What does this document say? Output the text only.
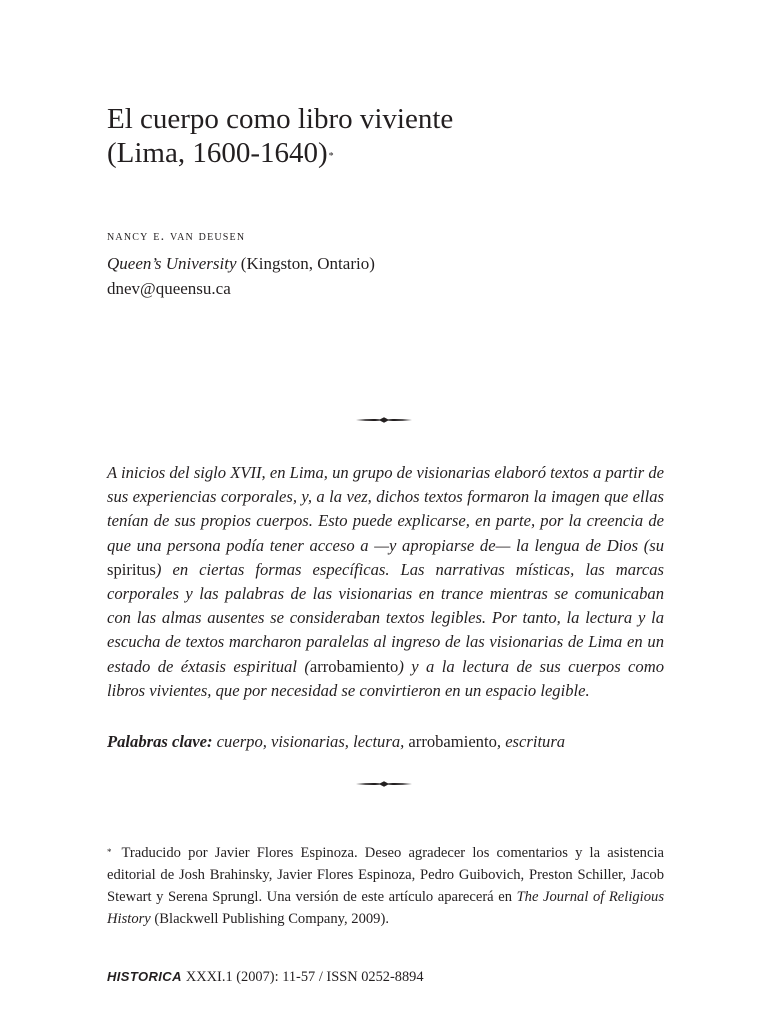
El cuerpo como libro viviente
(Lima, 1600-1640)*
nancy e. van deusen
Queen’s University (Kingston, Ontario)
dnev@queensu.ca

A inicios del siglo XVII, en Lima, un grupo de visionarias elaboró textos a partir de sus experiencias corporales, y, a la vez, dichos textos formaron la imagen que ellas tenían de sus propios cuerpos. Esto puede explicarse, en parte, por la creencia de que una persona podía tener acceso a —y apropiarse de— la lengua de Dios (su spiritus) en ciertas formas específicas. Las narrativas místicas, las marcas corporales y las palabras de las visionarias en trance mientras se comunicaban con las almas ausentes se consideraban textos legibles. Por tanto, la lectura y la escucha de textos marcharon paralelas al ingreso de las visionarias de Lima en un estado de éxtasis espiritual (arrobamiento) y a la lectura de sus cuerpos como libros vivientes, que por necesidad se convirtieron en un espacio legible.

Palabras clave: cuerpo, visionarias, lectura, arrobamiento, escritura

* Traducido por Javier Flores Espinoza. Deseo agradecer los comentarios y la asistencia editorial de Josh Brahinsky, Javier Flores Espinoza, Pedro Guibovich, Preston Schiller, Jacob Stewart y Serena Sprungl. Una versión de este artículo aparecerá en The Journal of Religious History (Blackwell Publishing Company, 2009).

HISTORICA XXXI.1 (2007): 11-57 / ISSN 0252-8894
